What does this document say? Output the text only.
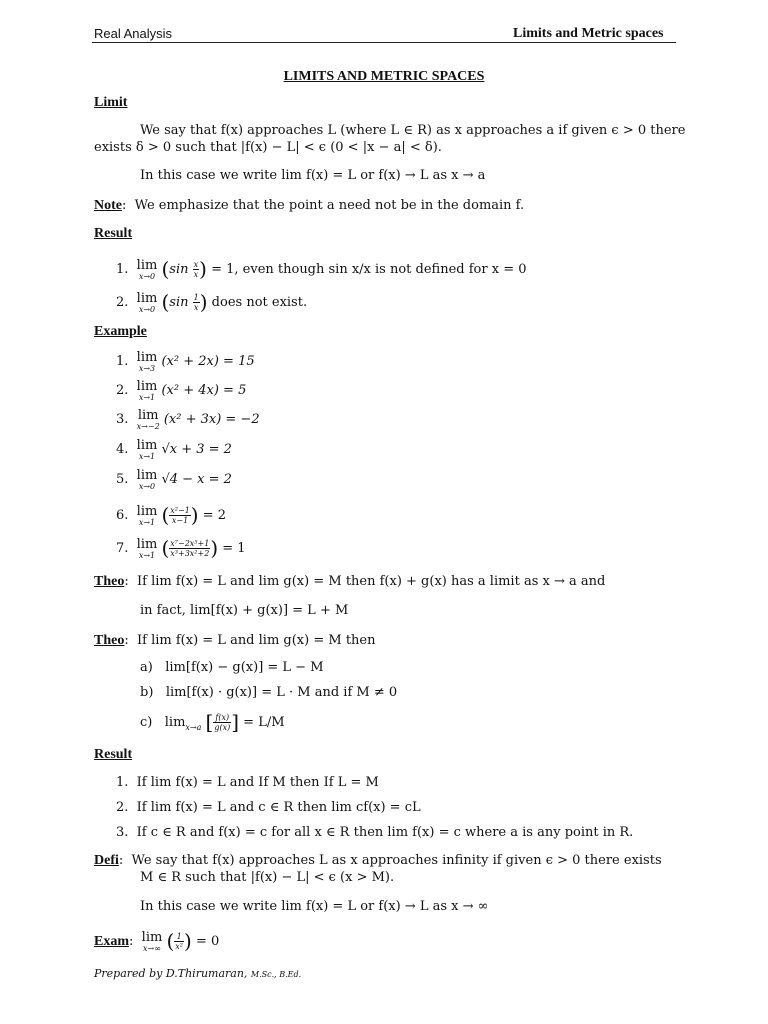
Real Analysis	Limits and Metric spaces
LIMITS AND METRIC SPACES
Limit
We say that f(x) approaches L (where L ∈ R) as x approaches a if given ϵ > 0 there
exists δ > 0 such that |f(x) − L| < ϵ (0 < |x − a| < δ).
In this case we write lim f(x) = L or f(x) → L as x → a
Note:  We emphasize that the point a need not be in the domain f.
Result
1. lim
x→0 ($\sin \frac{x}{x}$ ) = 1, even though sin x/x is not defined for x = 0
2. lim
x→0 ($\sin \frac{1}{x}$ ) does not exist.
Example
1. lim
x→3 (x² + 2x) = 15
2. lim
x→1 (x² + 4x) = 5
3. lim
x→−2 (x² + 3x) = −2
4. lim
x→1 √x + 3 = 2
5. lim
x→0 √4 − x = 2
6. lim
x→1 ( $\frac{\text{x²−1}}{x-1}$ ) = 2
7. lim
x→1 ( $\frac{\text{x⁷−2x⁵+1}}{\text{x³+3x²+2}}$ ) = 1
Theo:  If lim f(x) = L and lim g(x) = M then f(x) + g(x) has a limit as x → a and
in fact, lim[f(x) + g(x)] = L + M
Theo:  If lim f(x) = L and lim g(x) = M then
a) lim[f(x) − g(x)] = L − M
b) lim[f(x) · g(x)] = L · M and if M ≠ 0
c)   $\lim_{x\to a}$ [ $\frac{f(x)}{g(x)}$ ] = L/M
Result
1. If lim f(x) = L and If M then If L = M
2. If lim f(x) = L and c ∈ R then lim cf(x) = cL
3. If c ∈ R and f(x) = c for all x ∈ R then lim f(x) = c where a is any point in R.
Defi:  We say that f(x) approaches L as x approaches infinity if given ϵ > 0 there exists
M ∈ R such that |f(x) − L| < ϵ (x > M).
In this case we write lim f(x) = L or f(x) → L as x → ∞
Exam: lim
x→∞ ( $\frac{1}{\text{x²}}$ ) = 0
Prepared by D.Thirumaran, M.Sc., B.Ed.
